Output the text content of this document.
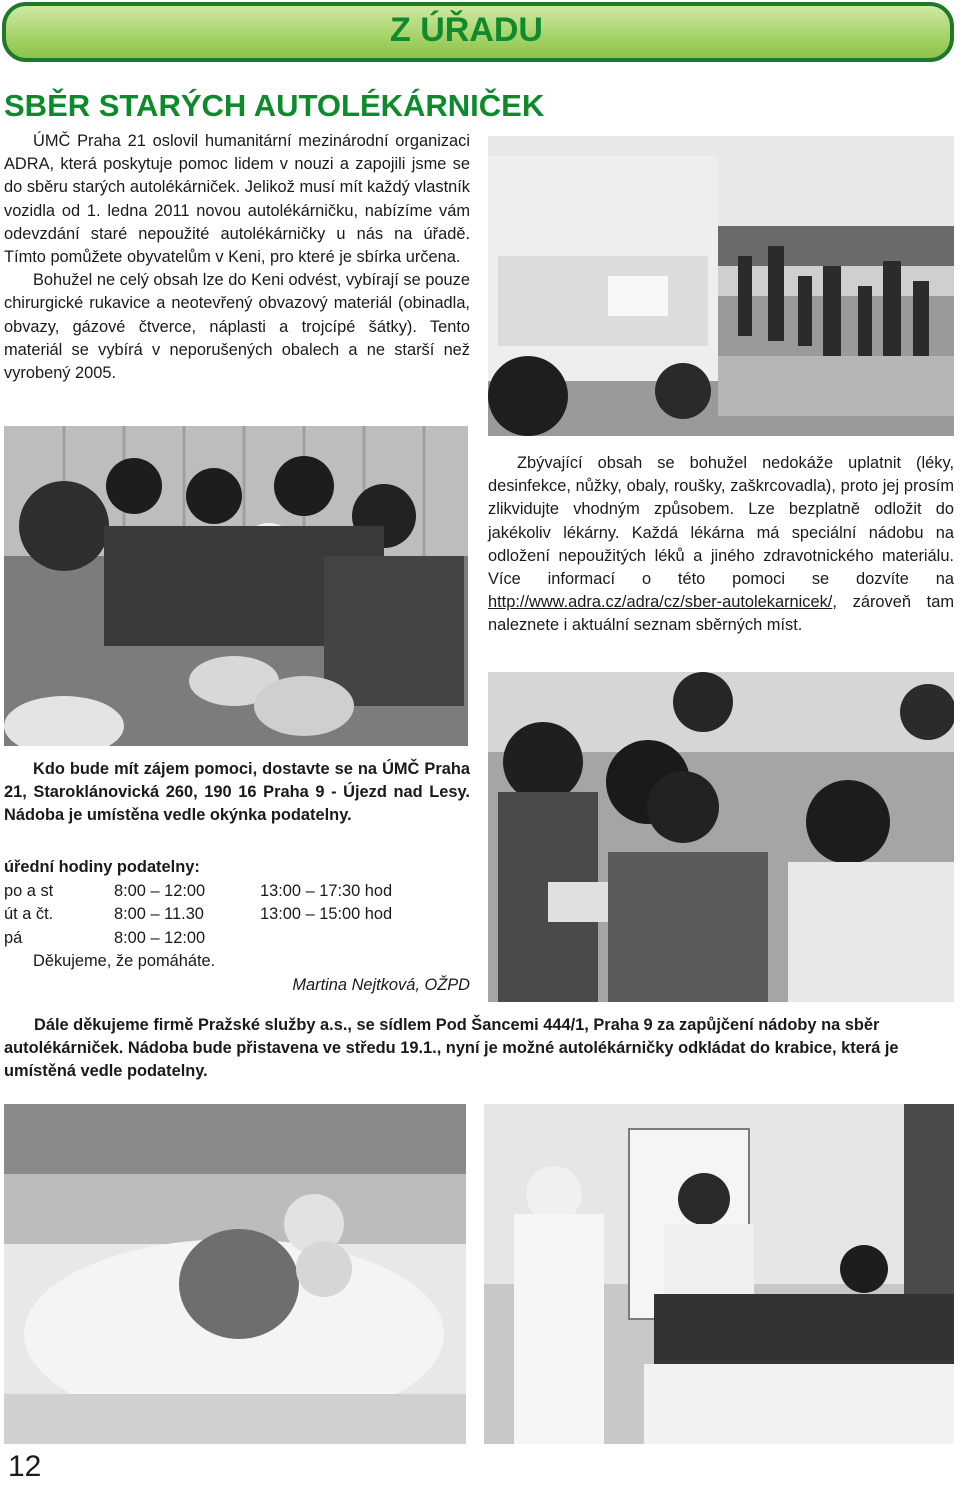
Z ÚŘADU
SBĚR STARÝCH AUTOLÉKÁRNIČEK

ÚMČ Praha 21 oslovil humanitární mezinárodní organizaci ADRA, která poskytuje pomoc lidem v nouzi a zapojili jsme se do sběru starých autolékárniček. Jelikož musí mít každý vlastník vozidla od 1. ledna 2011 novou autolékárničku, nabízíme vám odevzdání staré nepoužité autolékárničky u nás na úřadě. Tímto pomůžete obyvatelům v Keni, pro které je sbírka určena.

Bohužel ne celý obsah lze do Keni odvést, vybírají se pouze chirurgické rukavice a neotevřený obvazový materiál (obinadla, obvazy, gázové čtverce, náplasti a trojcípé šátky). Tento materiál se vybírá v neporušených obalech a ne starší než vyrobený 2005.

Zbývající obsah se bohužel nedokáže uplatnit (léky, desinfekce, nůžky, obaly, roušky, zaškrcovadla), proto jej prosím zlikvidujte vhodným způsobem. Lze bezplatně odložit do jakékoliv lékárny. Každá lékárna má speciální nádobu na odložení nepoužitých léků a jiného zdravotnického materiálu. Více informací o této pomoci se dozvíte na http://www.adra.cz/adra/cz/sber-autolekarnicek/, zároveň tam naleznete i aktuální seznam sběrných míst.

Kdo bude mít zájem pomoci, dostavte se na ÚMČ Praha 21, Staroklánovická 260, 190 16 Praha 9 - Újezd nad Lesy. Nádoba je umístěna vedle okýnka podatelny.

úřední hodiny podatelny:
po a st	8:00 – 12:00	13:00 – 17:30 hod
út a čt.	8:00 – 11.30	13:00 – 15:00 hod
pá	8:00 – 12:00
Děkujeme, že pomáháte.
Martina Nejtková, OŽPD

Dále děkujeme firmě Pražské služby a.s., se sídlem Pod Šancemi 444/1, Praha 9 za zapůjčení nádoby na sběr autolékárniček. Nádoba bude přistavena ve středu 19.1., nyní je možné autolékárničky odkládat do krabice, která je umístěná vedle podatelny.

12
